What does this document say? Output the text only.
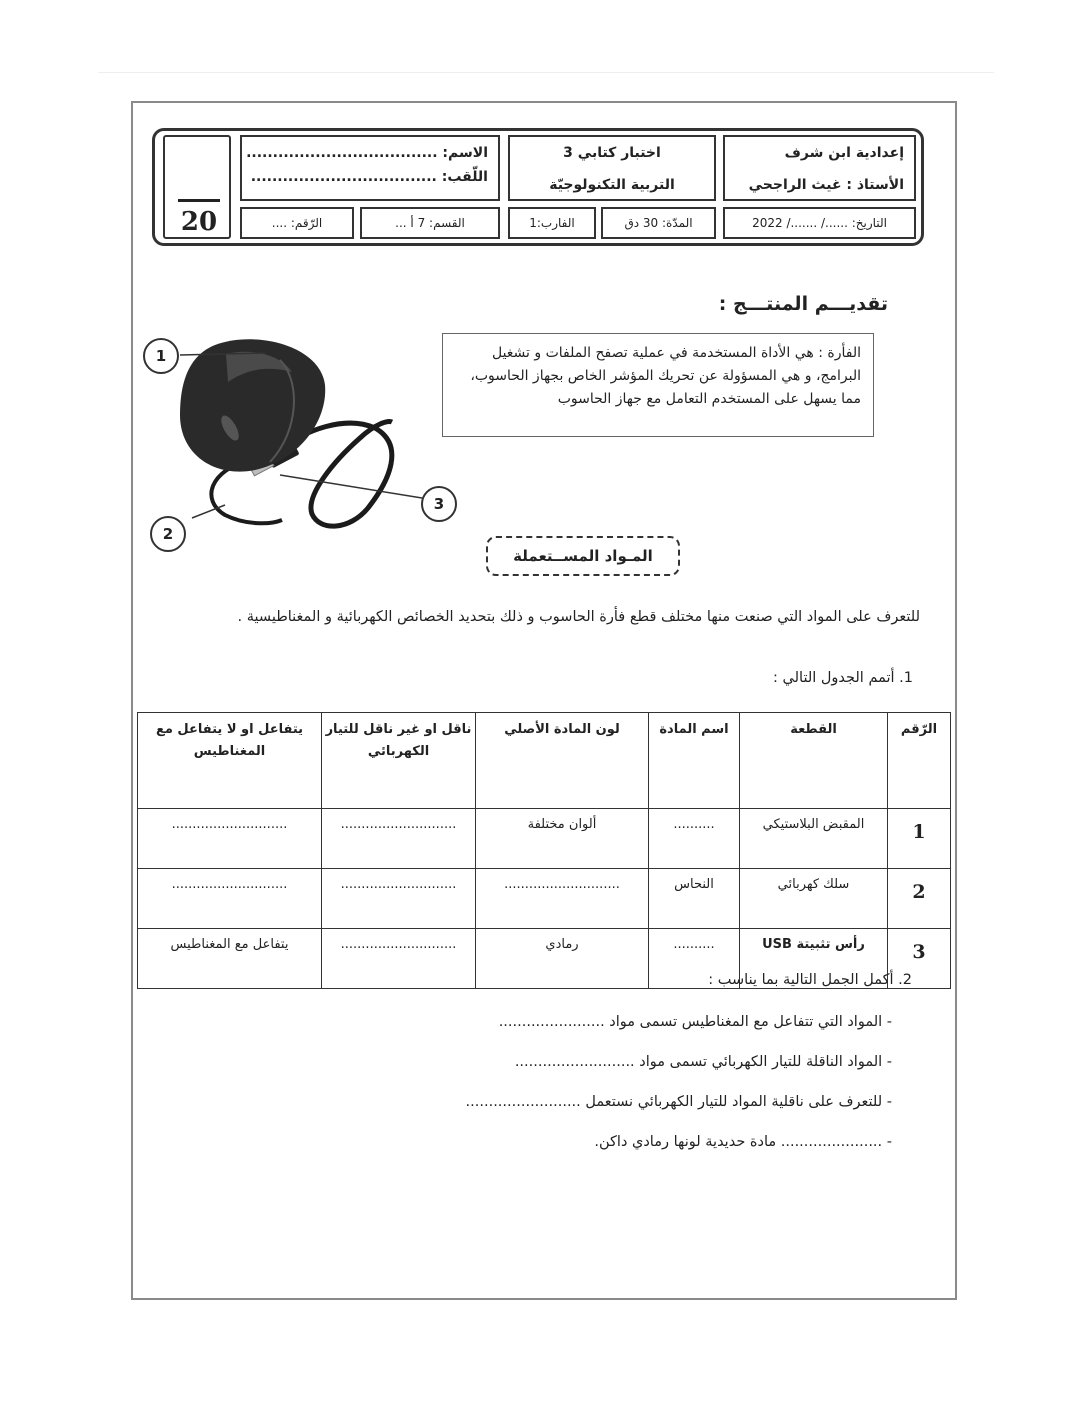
20
الاسم: ....................................
اللّقب: ...................................
اختبار كتابي 3
التربية التكنولوجيّة
إعدادية ابن شرف
الأستاذ : غيث الراجحي
الرّقم: ....	القسم: 7 أ ...	الفارب:1	المدّة: 30 دق	التاريخ: ....../ ......./ 2022
تقديـــم المنتـــج :
الفأرة : هي الأداة المستخدمة في عملية تصفح الملفات و تشغيل البرامج، و هي المسؤولة عن تحريك المؤشر الخاص بجهاز الحاسوب، مما يسهل على المستخدم التعامل مع جهاز الحاسوب
1
2
3
المـواد المســتعملة
للتعرف على المواد التي صنعت منها مختلف قطع فأرة الحاسوب و ذلك بتحديد الخصائص الكهربائية و المغناطيسية .
1. أتمم الجدول التالي :
الرّقم	القطعة	اسم المادة	لون المادة الأصلي	ناقل او غير ناقل للتيار الكهربائي	يتفاعل او لا يتفاعل مع المغناطيس
1	المقبض البلاستيكي	..........	ألوان مختلفة	............................	............................
2	سلك كهربائي	النحاس	............................	............................	............................
3	رأس تثبيتة USB	..........	رمادي	............................	يتفاعل مع المغناطيس
2. أكمل الجمل التالية بما يناسب :
- المواد التي تتفاعل مع المغناطيس تسمى مواد .......................
- المواد الناقلة للتيار الكهربائي تسمى مواد ..........................
- للتعرف على ناقلية المواد للتيار الكهربائي نستعمل .........................
- ...................... مادة حديدية لونها رمادي داكن.
